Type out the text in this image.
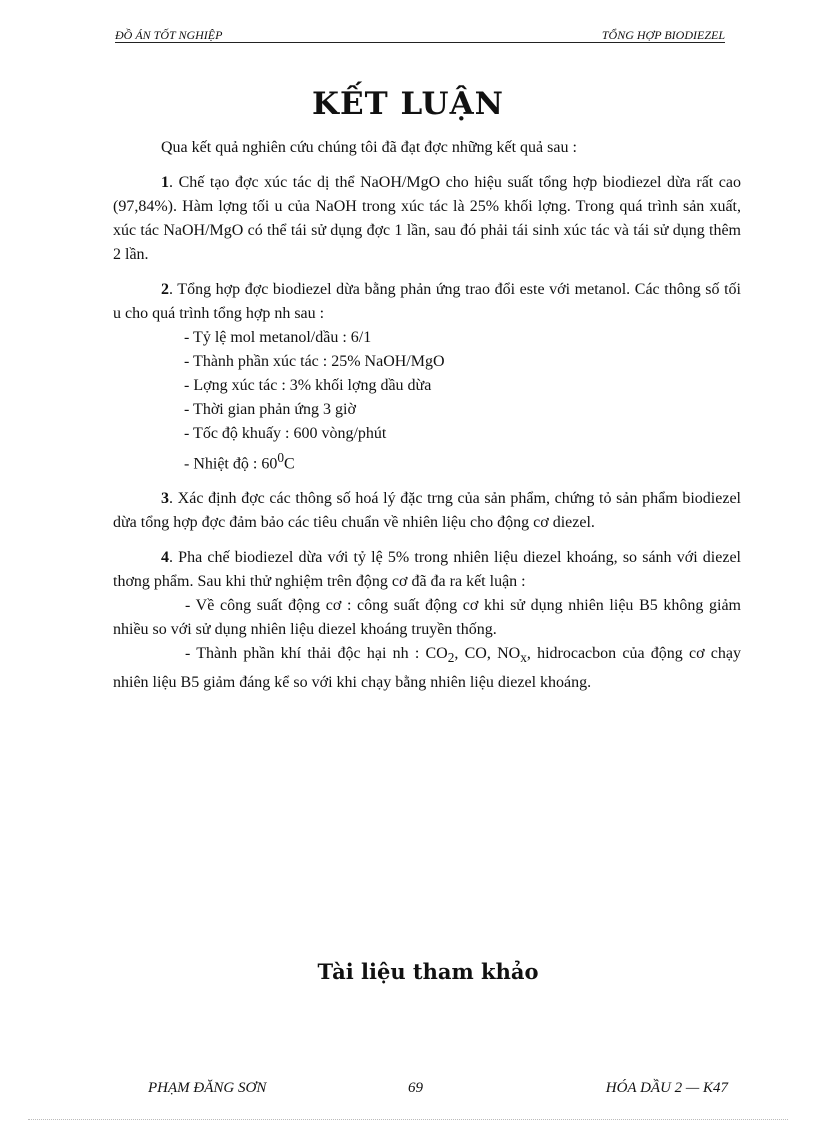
ĐỒ ÁN TỐT NGHIỆP	TỔNG HỢP BIODIEZEL
KẾT LUẬN

Qua kết quả nghiên cứu chúng tôi đã đạt đợc những kết quả sau :

1. Chế tạo đợc xúc tác dị thể NaOH/MgO cho hiệu suất tổng hợp biodiezel dừa rất cao (97,84%). Hàm lợng tối u của NaOH trong xúc tác là 25% khối lợng. Trong quá trình sản xuất, xúc tác NaOH/MgO có thể tái sử dụng đợc 1 lần, sau đó phải tái sinh xúc tác và tái sử dụng thêm 2 lần.

2. Tổng hợp đợc biodiezel dừa bằng phản ứng trao đổi este với metanol. Các thông số tối u cho quá trình tổng hợp nh sau :

- Tỷ lệ mol metanol/dầu : 6/1

- Thành phần xúc tác : 25% NaOH/MgO

- Lợng xúc tác : 3% khối lợng dầu dừa

- Thời gian phản ứng 3 giờ

- Tốc độ khuấy : 600 vòng/phút

- Nhiệt độ : $60^0C$

3. Xác định đợc các thông số hoá lý đặc trng của sản phẩm, chứng tỏ sản phẩm biodiezel dừa tổng hợp đợc đảm bảo các tiêu chuẩn về nhiên liệu cho động cơ diezel.

4. Pha chế biodiezel dừa với tỷ lệ 5% trong nhiên liệu diezel khoáng, so sánh với diezel thơng phẩm. Sau khi thử nghiệm trên động cơ đã đa ra kết luận :

- Về công suất động cơ : công suất động cơ khi sử dụng nhiên liệu B5 không giảm nhiều so với sử dụng nhiên liệu diezel khoáng truyền thống.

- Thành phần khí thải độc hại nh : $CO_2$, CO, $NO_x$, hidrocacbon của động cơ chạy nhiên liệu B5 giảm đáng kể so với khi chạy bằng nhiên liệu diezel khoáng.

Tài liệu tham khảo
PHẠM ĐĂNG SƠN	69	HÓA DẦU 2 — K47
